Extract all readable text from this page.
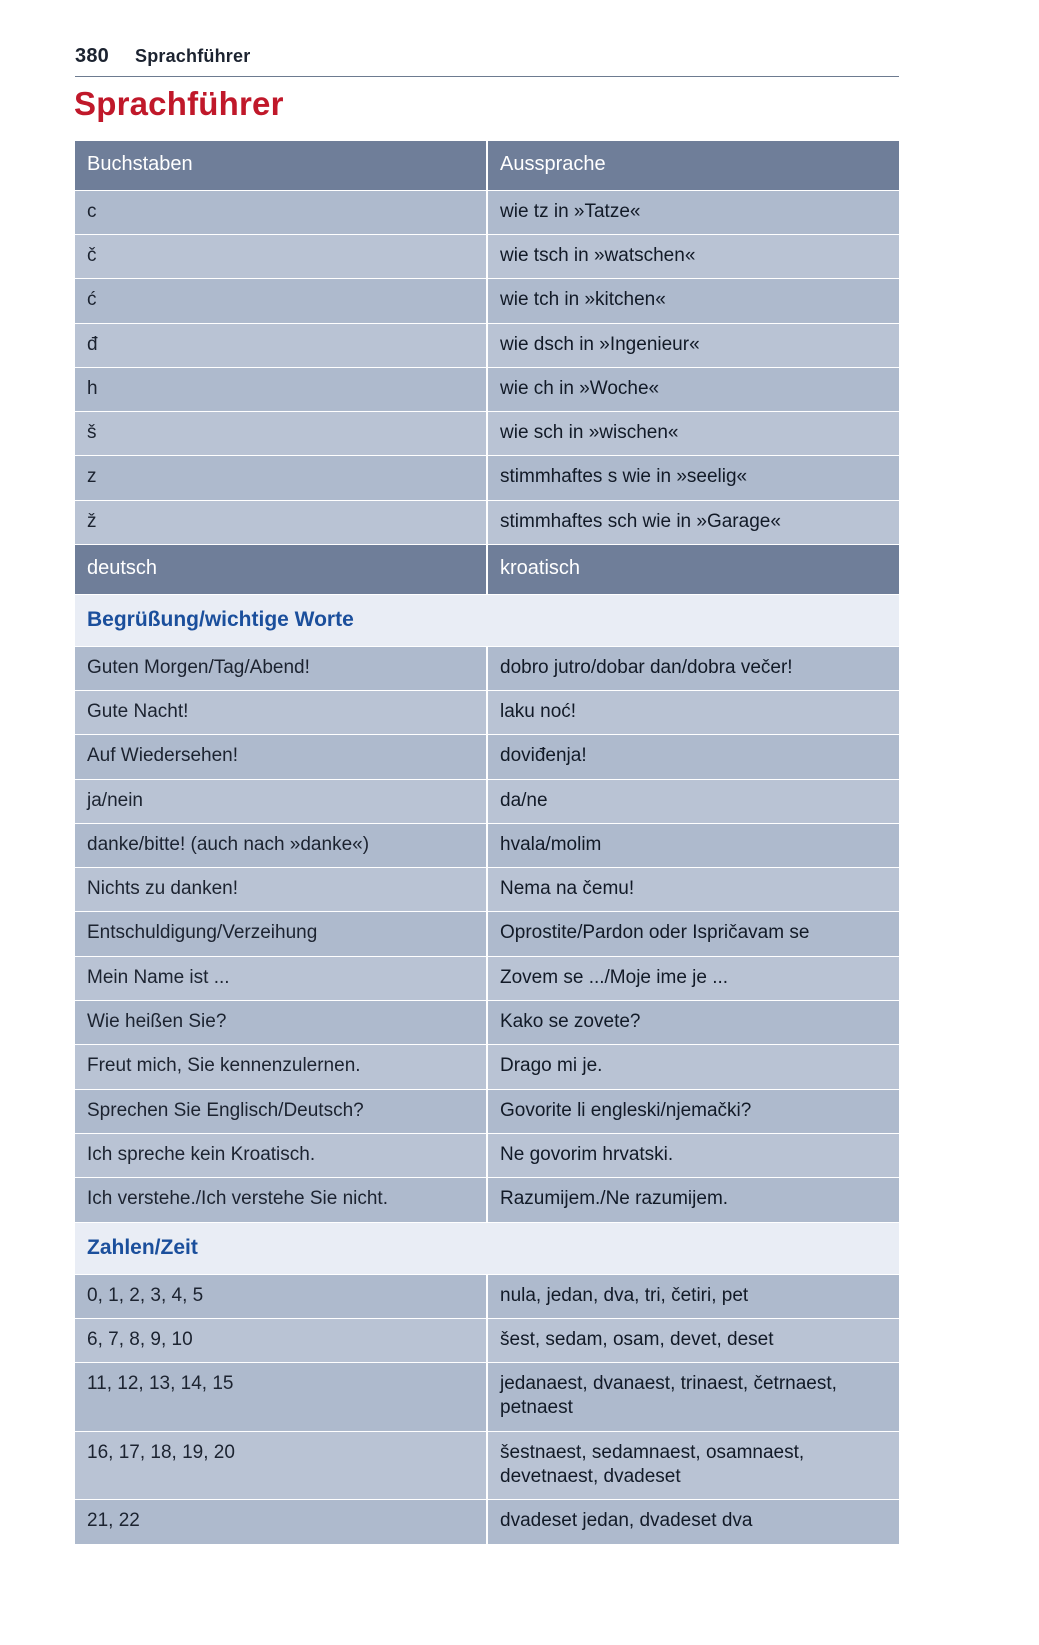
380 Sprachführer
Sprachführer
Buchstaben	Aussprache
c	wie tz in »Tatze«
č	wie tsch in »watschen«
ć	wie tch in »kitchen«
đ	wie dsch in »Ingenieur«
h	wie ch in »Woche«
š	wie sch in »wischen«
z	stimmhaftes s wie in »seelig«
ž	stimmhaftes sch wie in »Garage«
deutsch	kroatisch
Begrüßung/wichtige Worte	
Guten Morgen/Tag/Abend!	dobro jutro/dobar dan/dobra večer!
Gute Nacht!	laku noć!
Auf Wiedersehen!	doviđenja!
ja/nein	da/ne
danke/bitte! (auch nach »danke«)	hvala/molim
Nichts zu danken!	Nema na čemu!
Entschuldigung/Verzeihung	Oprostite/Pardon oder Ispričavam se
Mein Name ist ...	Zovem se .../Moje ime je ...
Wie heißen Sie?	Kako se zovete?
Freut mich, Sie kennenzulernen.	Drago mi je.
Sprechen Sie Englisch/Deutsch?	Govorite li engleski/njemački?
Ich spreche kein Kroatisch.	Ne govorim hrvatski.
Ich verstehe./Ich verstehe Sie nicht.	Razumijem./Ne razumijem.
Zahlen/Zeit	
0, 1, 2, 3, 4, 5	nula, jedan, dva, tri, četiri, pet
6, 7, 8, 9, 10	šest, sedam, osam, devet, deset
11, 12, 13, 14, 15	jedanaest, dvanaest, trinaest, četrnaest, petnaest
16, 17, 18, 19, 20	šestnaest, sedamnaest, osamnaest, devetnaest, dvadeset
21, 22	dvadeset jedan, dvadeset dva
